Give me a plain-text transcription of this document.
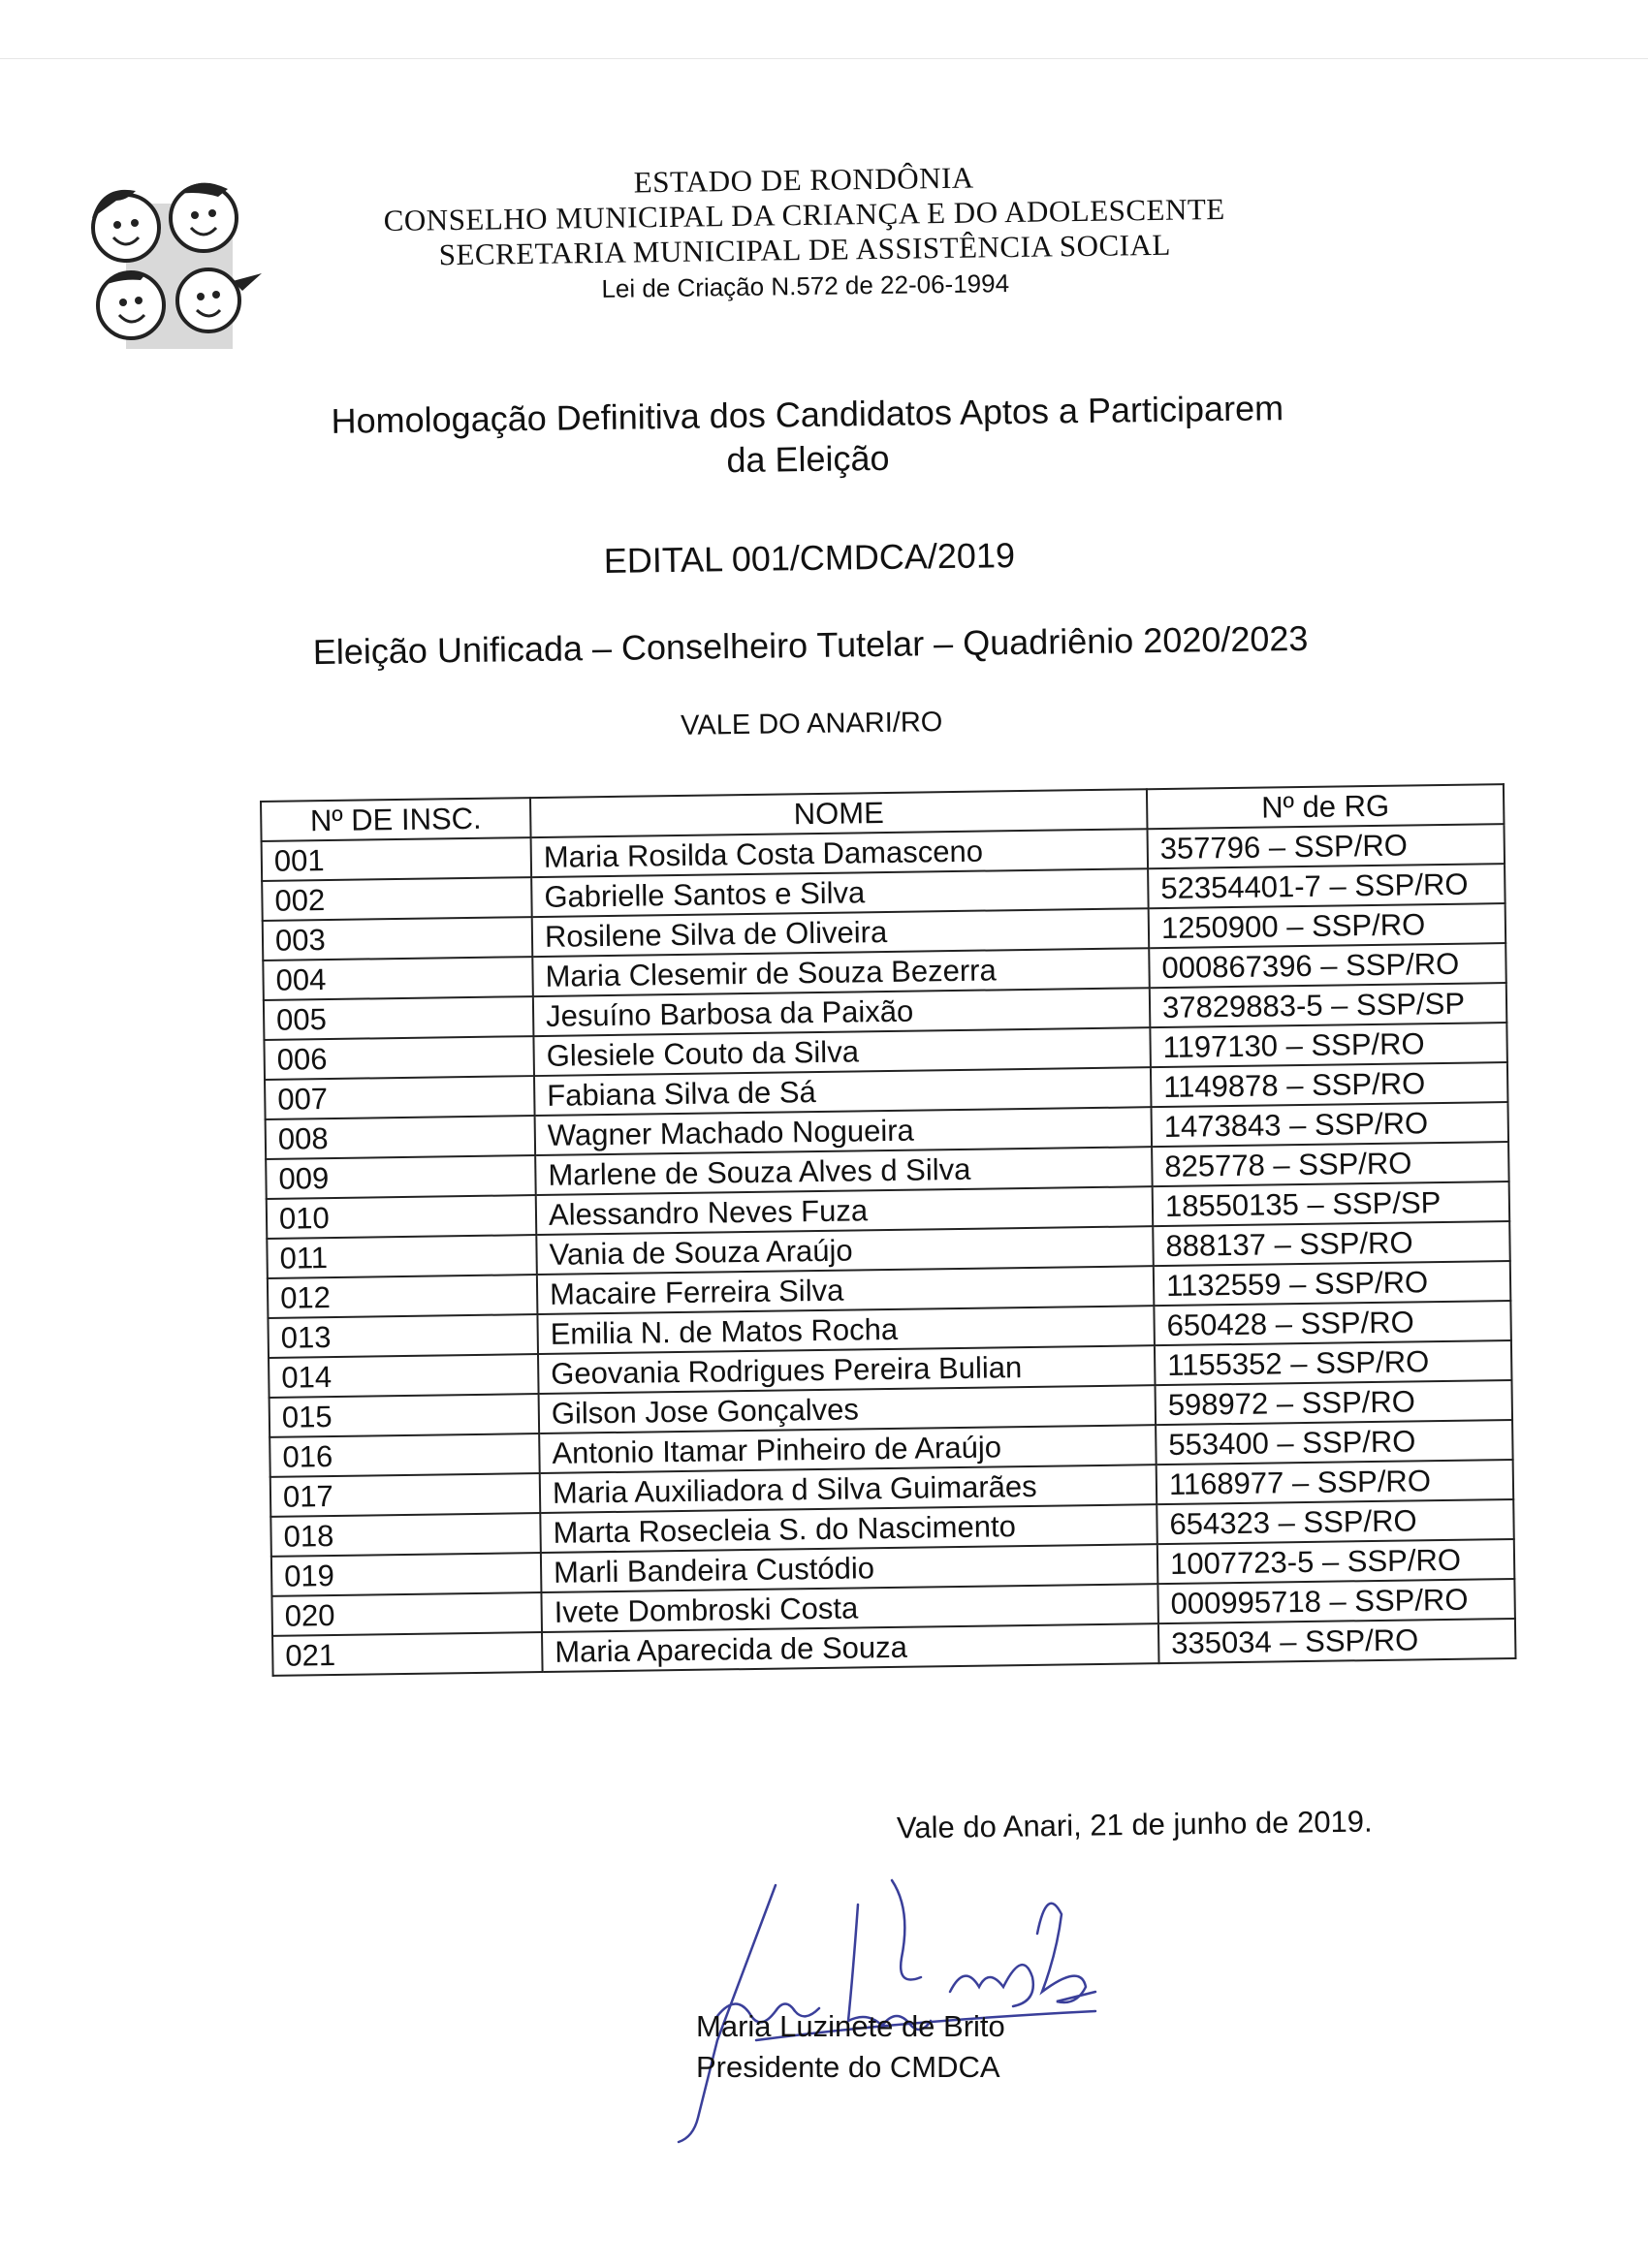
ESTADO DE RONDÔNIA
CONSELHO MUNICIPAL DA CRIANÇA E DO ADOLESCENTE
SECRETARIA MUNICIPAL DE ASSISTÊNCIA SOCIAL
Lei de Criação N.572 de 22-06-1994
Homologação Definitiva dos Candidatos Aptos a Participarem
da Eleição
EDITAL 001/CMDCA/2019
Eleição Unificada – Conselheiro Tutelar – Quadriênio 2020/2023
VALE DO ANARI/RO
Nº DE INSC.	NOME	Nº de RG
001	Maria Rosilda Costa Damasceno	357796 – SSP/RO
002	Gabrielle Santos e Silva	52354401-7 – SSP/RO
003	Rosilene Silva de Oliveira	1250900 – SSP/RO
004	Maria Clesemir de Souza Bezerra	000867396 – SSP/RO
005	Jesuíno Barbosa da Paixão	37829883-5 – SSP/SP
006	Glesiele Couto da Silva	1197130 – SSP/RO
007	Fabiana Silva de Sá	1149878 – SSP/RO
008	Wagner Machado Nogueira	1473843 – SSP/RO
009	Marlene de Souza Alves d Silva	825778 – SSP/RO
010	Alessandro Neves Fuza	18550135 – SSP/SP
011	Vania de Souza Araújo	888137 – SSP/RO
012	Macaire Ferreira Silva	1132559 – SSP/RO
013	Emilia N. de Matos Rocha	650428 – SSP/RO
014	Geovania Rodrigues Pereira Bulian	1155352 – SSP/RO
015	Gilson Jose Gonçalves	598972 – SSP/RO
016	Antonio Itamar Pinheiro de Araújo	553400 – SSP/RO
017	Maria Auxiliadora d Silva Guimarães	1168977 – SSP/RO
018	Marta Rosecleia S. do Nascimento	654323 – SSP/RO
019	Marli Bandeira Custódio	1007723-5 – SSP/RO
020	Ivete Dombroski Costa	000995718 – SSP/RO
021	Maria Aparecida de Souza	335034 – SSP/RO
Vale do Anari, 21 de junho de 2019.
Maria Luzinete de Brito
Presidente do CMDCA
